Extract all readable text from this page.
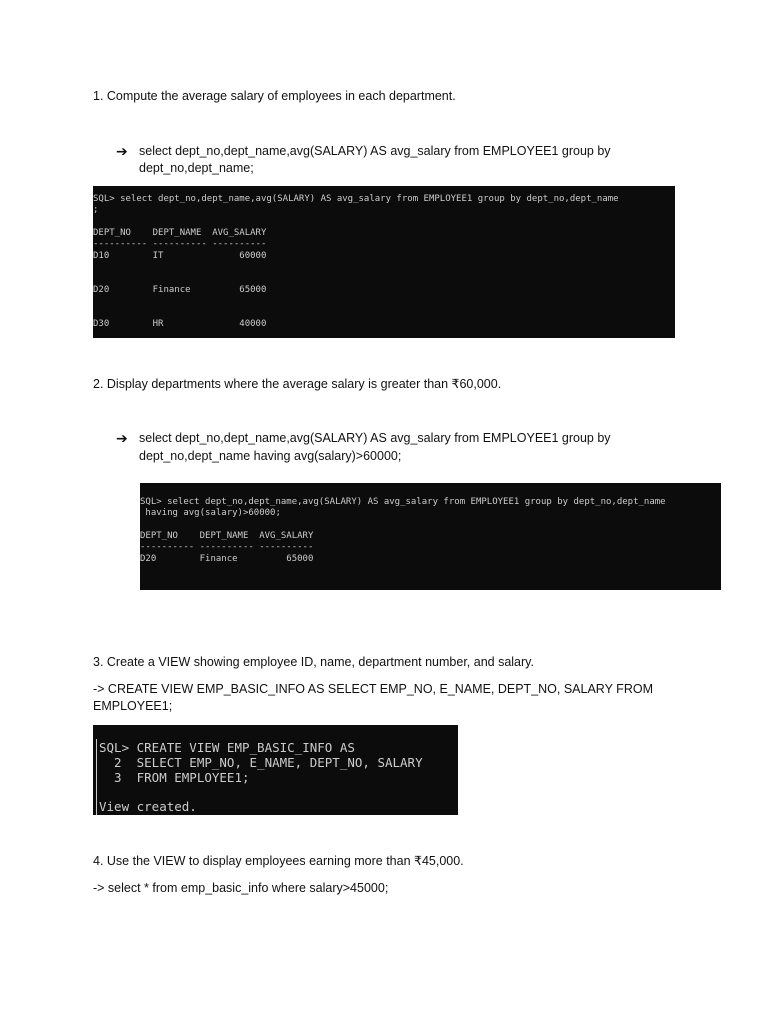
1. Compute the average salary of employees in each department.

➔ select dept_no,dept_name,avg(SALARY) AS avg_salary from EMPLOYEE1 group by

dept_no,dept_name;

SQL> select dept_no,dept_name,avg(SALARY) AS avg_salary from EMPLOYEE1 group by dept_no,dept_name
;
DEPT_NO    DEPT_NAME  AVG_SALARY
---------- ---------- ----------
D10        IT              60000
D20        Finance         65000
D30        HR              40000

2. Display departments where the average salary is greater than ₹60,000.

➔ select dept_no,dept_name,avg(SALARY) AS avg_salary from EMPLOYEE1 group by

dept_no,dept_name having avg(salary)>60000;

SQL> select dept_no,dept_name,avg(SALARY) AS avg_salary from EMPLOYEE1 group by dept_no,dept_name
having avg(salary)>60000;
DEPT_NO    DEPT_NAME  AVG_SALARY
---------- ---------- ----------
D20        Finance         65000

3. Create a VIEW showing employee ID, name, department number, and salary.

-> CREATE VIEW EMP_BASIC_INFO AS SELECT EMP_NO, E_NAME, DEPT_NO, SALARY FROM

EMPLOYEE1;

SQL> CREATE VIEW EMP_BASIC_INFO AS
2  SELECT EMP_NO, E_NAME, DEPT_NO, SALARY
3  FROM EMPLOYEE1;
View created.

4. Use the VIEW to display employees earning more than ₹45,000.

-> select * from emp_basic_info where salary>45000;
